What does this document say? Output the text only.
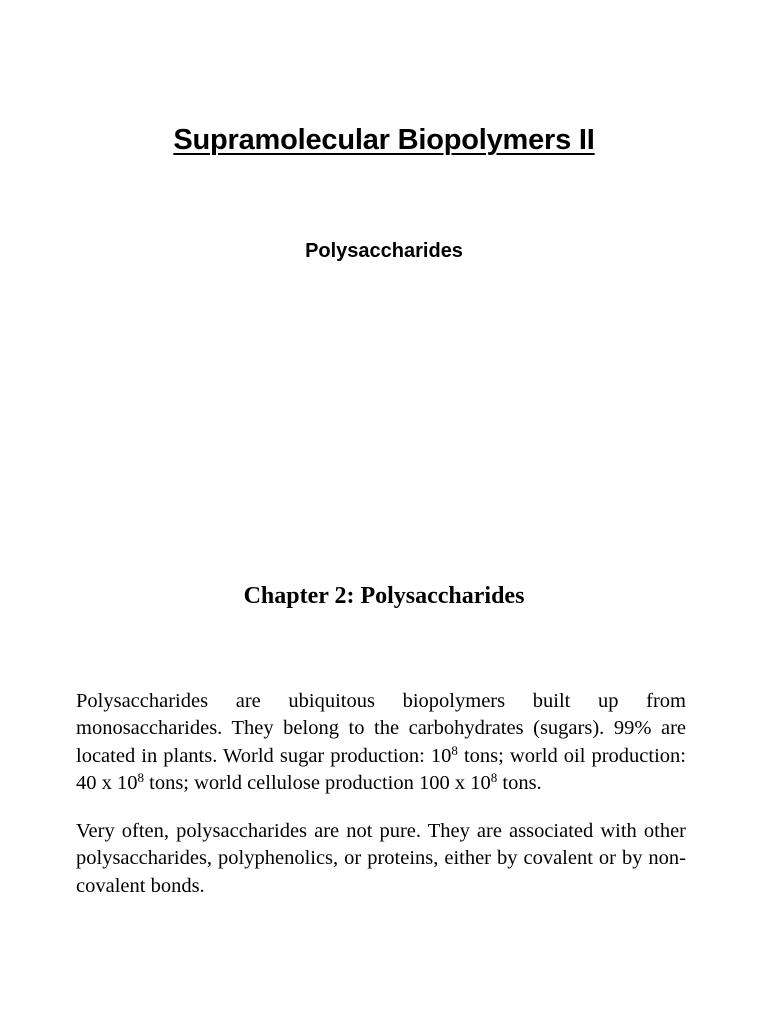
Supramolecular Biopolymers II
Polysaccharides
Chapter 2: Polysaccharides

Polysaccharides are ubiquitous biopolymers built up from monosaccharides. They belong to the carbohydrates (sugars). 99% are located in plants. World sugar production: $10^8$ tons; world oil production: 40 x $10^8$ tons; world cellulose production 100 x $10^8$ tons.

Very often, polysaccharides are not pure. They are associated with other polysaccharides, polyphenolics, or proteins, either by covalent or by non-covalent bonds.
